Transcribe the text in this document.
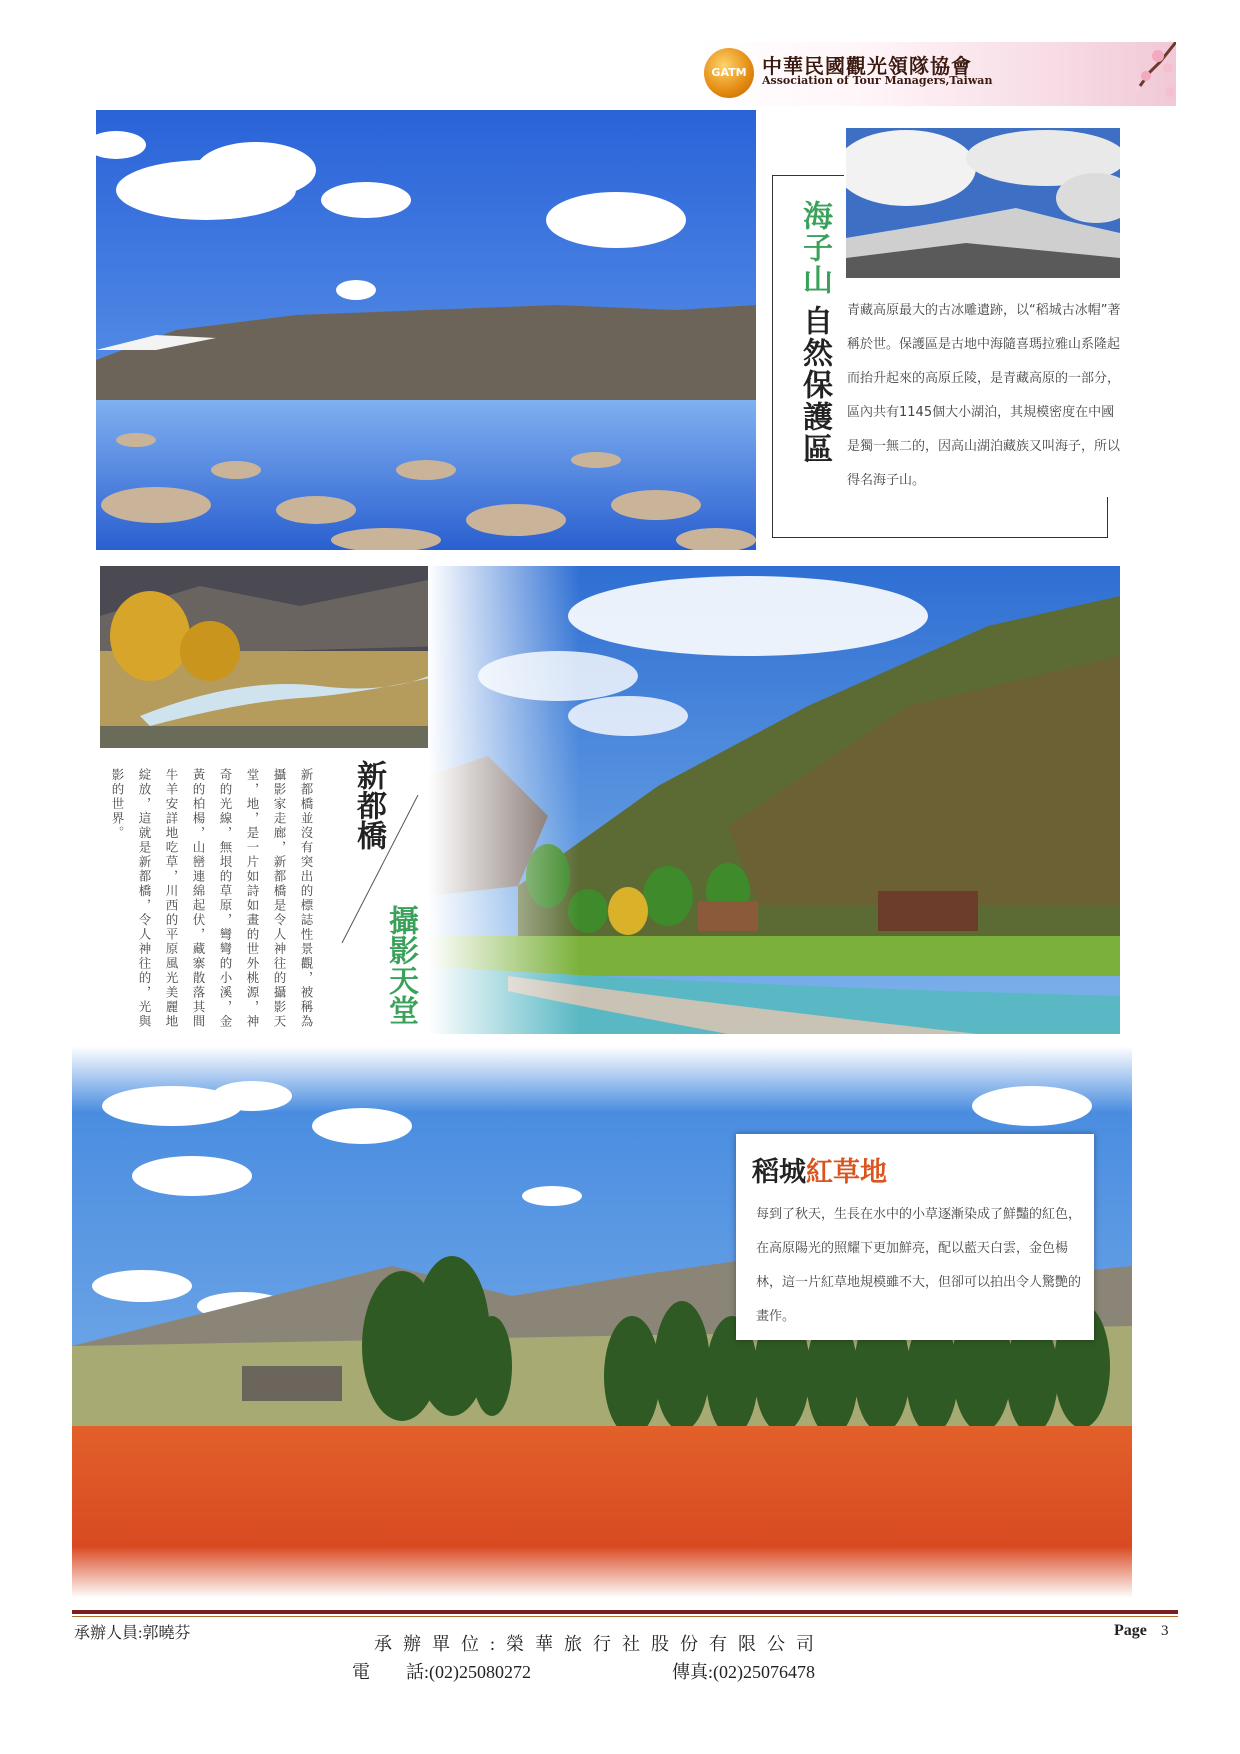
GATM 中華民國觀光領隊協會
Association of Tour Managers,Taiwan
海子山
自然保護區	青藏高原最大的古冰雕遺跡，以“稻城古冰帽”著稱於世。保護區是古地中海隨喜瑪拉雅山系隆起而抬升起來的高原丘陵，是青藏高原的一部分，區內共有1145個大小湖泊，其規模密度在中國是獨一無二的，因高山湖泊藏族又叫海子，所以得名海子山。
新都橋
攝影天堂
新都橋並沒有突出的標誌性景觀，被稱為攝影家走廊，新都橋是令人神往的攝影天堂，地，是一片如詩如畫的世外桃源，神奇的光線，無垠的草原，彎彎的小溪，金黃的柏楊，山巒連綿起伏，藏寨散落其間牛羊安詳地吃草，川西的平原風光美麗地綻放，這就是新都橋，令人神往的，光與影的世界。
稻城 紅草地
每到了秋天，生長在水中的小草逐漸染成了鮮豔的紅色，在高原陽光的照耀下更加鮮亮，配以藍天白雲，金色楊林，這一片紅草地規模雖不大，但卻可以拍出令人驚艷的畫作。
承辦人員:郭曉芬
承辦單位:榮華旅行社股份有限公司
電　　話:(02)25080272	傳真:(02)25076478
Page 3
